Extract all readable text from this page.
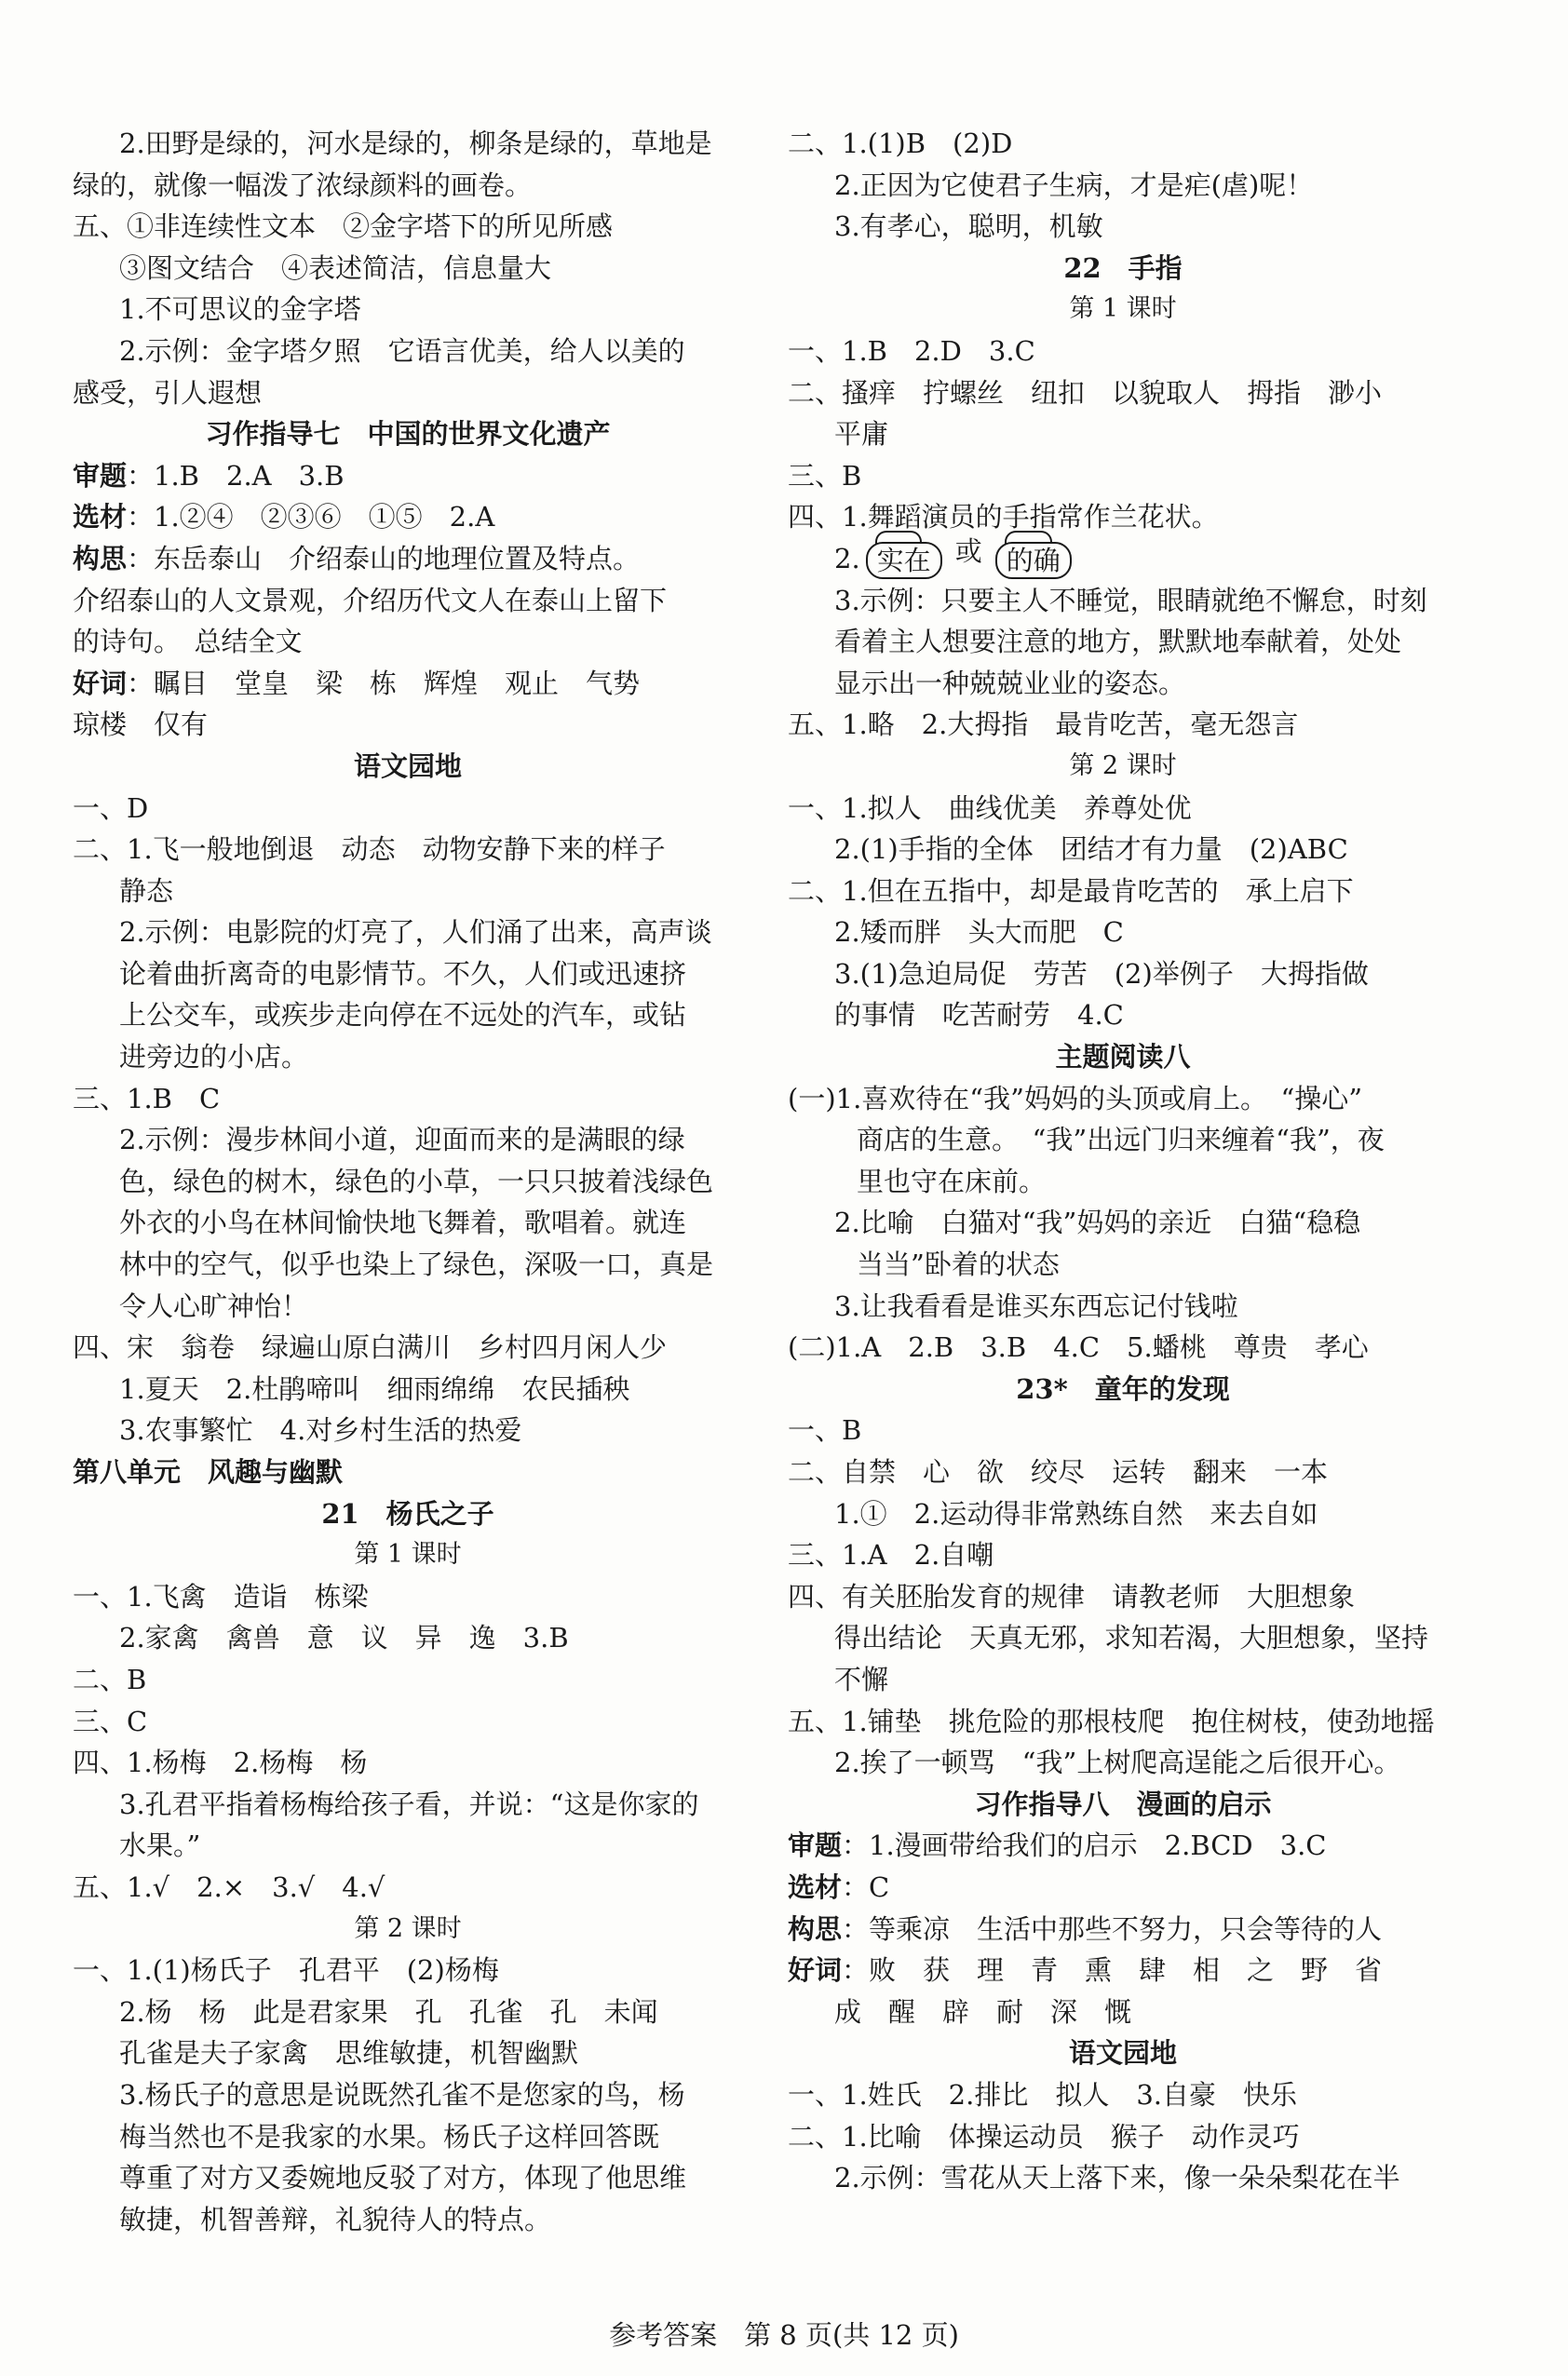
2.田野是绿的，河水是绿的，柳条是绿的，草地是
绿的，就像一幅泼了浓绿颜料的画卷。
五、①非连续性文本　②金字塔下的所见所感
③图文结合　④表述简洁，信息量大
1.不可思议的金字塔
2.示例：金字塔夕照　它语言优美，给人以美的
感受，引人遐想
习作指导七　中国的世界文化遗产
审题：1.B　2.A　3.B
选材：1.②④　②③⑥　①⑤　2.A
构思：东岳泰山　介绍泰山的地理位置及特点。
介绍泰山的人文景观，介绍历代文人在泰山上留下
的诗句。　总结全文
好词：瞩目　堂皇　梁　栋　辉煌　观止　气势
琼楼　仅有
语文园地
一、D
二、1.飞一般地倒退　动态　动物安静下来的样子
静态
2.示例：电影院的灯亮了，人们涌了出来，高声谈
论着曲折离奇的电影情节。不久，人们或迅速挤
上公交车，或疾步走向停在不远处的汽车，或钻
进旁边的小店。
三、1.B　C
2.示例：漫步林间小道，迎面而来的是满眼的绿
色，绿色的树木，绿色的小草，一只只披着浅绿色
外衣的小鸟在林间愉快地飞舞着，歌唱着。就连
林中的空气，似乎也染上了绿色，深吸一口，真是
令人心旷神怡！
四、宋　翁卷　绿遍山原白满川　乡村四月闲人少
1.夏天　2.杜鹃啼叫　细雨绵绵　农民插秧
3.农事繁忙　4.对乡村生活的热爱
第八单元　风趣与幽默
21　杨氏之子
第 1 课时
一、1.飞禽　造诣　栋梁
2.家禽　禽兽　意　议　异　逸　3.B
二、B
三、C
四、1.杨梅　2.杨梅　杨
3.孔君平指着杨梅给孩子看，并说：“这是你家的
水果。”
五、1.√　2.×　3.√　4.√
第 2 课时
一、1.(1)杨氏子　孔君平　(2)杨梅
2.杨　杨　此是君家果　孔　孔雀　孔　未闻
孔雀是夫子家禽　思维敏捷，机智幽默
3.杨氏子的意思是说既然孔雀不是您家的鸟，杨
梅当然也不是我家的水果。杨氏子这样回答既
尊重了对方又委婉地反驳了对方，体现了他思维
敏捷，机智善辩，礼貌待人的特点。
二、1.(1)B　(2)D
2.正因为它使君子生病，才是疟(虐)呢！
3.有孝心，聪明，机敏
22　手指
第 1 课时
一、1.B　2.D　3.C
二、搔痒　拧螺丝　纽扣　以貌取人　拇指　渺小
平庸
三、B
四、1.舞蹈演员的手指常作兰花状。
2. 实在 或 的确
3.示例：只要主人不睡觉，眼睛就绝不懈怠，时刻
看着主人想要注意的地方，默默地奉献着，处处
显示出一种兢兢业业的姿态。
五、1.略　2.大拇指　最肯吃苦，毫无怨言
第 2 课时
一、1.拟人　曲线优美　养尊处优
2.(1)手指的全体　团结才有力量　(2)ABC
二、1.但在五指中，却是最肯吃苦的　承上启下
2.矮而胖　头大而肥　C
3.(1)急迫局促　劳苦　(2)举例子　大拇指做
的事情　吃苦耐劳　4.C
主题阅读八
(一)1.喜欢待在“我”妈妈的头顶或肩上。　“操心”
商店的生意。　“我”出远门归来缠着“我”，夜
里也守在床前。
2.比喻　白猫对“我”妈妈的亲近　白猫“稳稳
当当”卧着的状态
3.让我看看是谁买东西忘记付钱啦
(二)1.A　2.B　3.B　4.C　5.蟠桃　尊贵　孝心
23*　童年的发现
一、B
二、自禁　心　欲　绞尽　运转　翻来　一本
1.①　2.运动得非常熟练自然　来去自如
三、1.A　2.自嘲
四、有关胚胎发育的规律　请教老师　大胆想象
得出结论　天真无邪，求知若渴，大胆想象，坚持
不懈
五、1.铺垫　挑危险的那根枝爬　抱住树枝，使劲地摇
2.挨了一顿骂　“我”上树爬高逞能之后很开心。
习作指导八　漫画的启示
审题：1.漫画带给我们的启示　2.BCD　3.C
选材：C
构思：等乘凉　生活中那些不努力，只会等待的人
好词：败　获　理　青　熏　肆　相　之　野　省
成　醒　辟　耐　深　慨
语文园地
一、1.姓氏　2.排比　拟人　3.自豪　快乐
二、1.比喻　体操运动员　猴子　动作灵巧
2.示例：雪花从天上落下来，像一朵朵梨花在半
参考答案　第 8 页(共 12 页)
